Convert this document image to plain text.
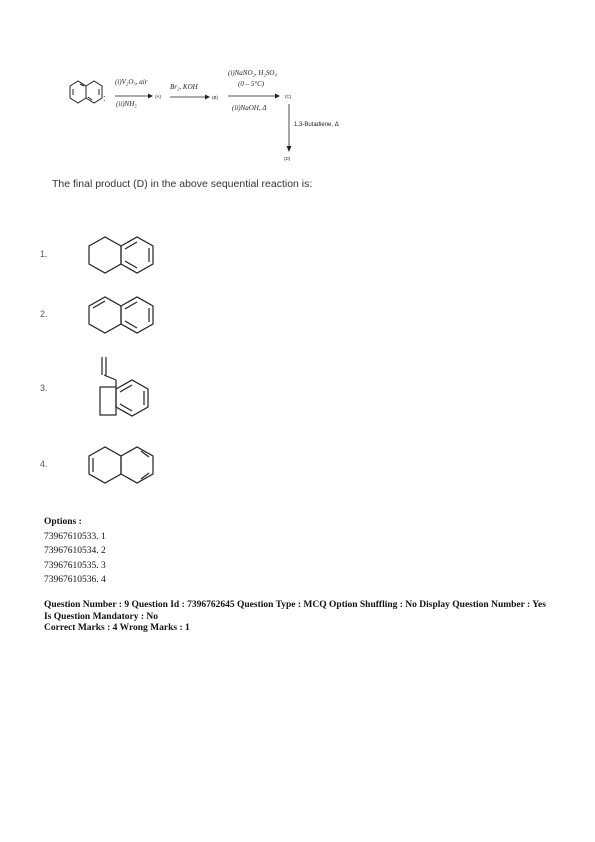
:
(i)V₂O₅, air
(A)
(ii)NH₃
Br₂, KOH
(B)
(i)NaNO₂, H₂SO₄
(0 – 5°C)
(C)
(ii)NaOH, Δ
1,3-Butadiene, Δ
(D)
The final product (D) in the above sequential reaction is:
1.
2.
3.
4.
Options :
73967610533. 1
73967610534. 2
73967610535. 3
73967610536. 4
Question Number : 9 Question Id : 7396762645 Question Type : MCQ Option Shuffling : No Display Question Number : Yes
Is Question Mandatory : No
Correct Marks : 4 Wrong Marks : 1
